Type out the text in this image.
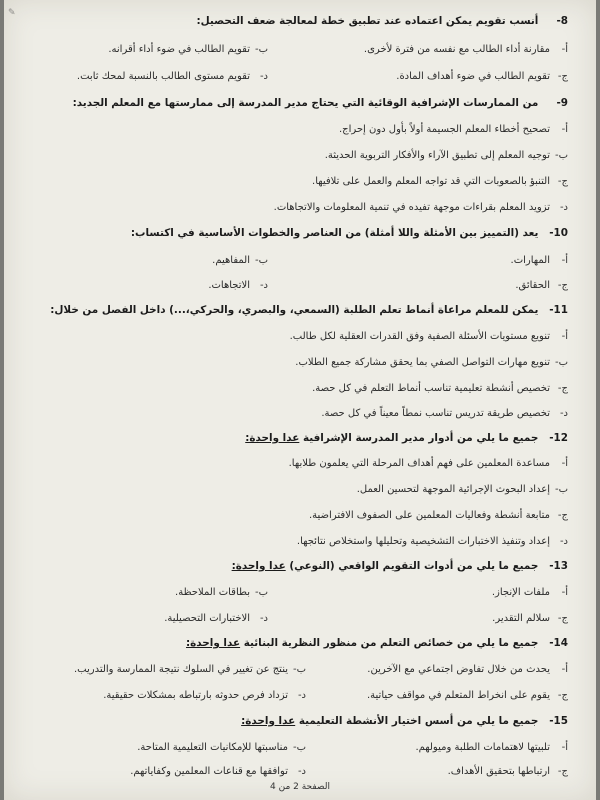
✎
8- أنسب تقويم يمكن اعتماده عند تطبيق خطة لمعالجة ضعف التحصيل:
أ-مقارنة أداء الطالب مع نفسه من فترة لأخرى.
ب-تقويم الطالب في ضوء أداء أقرانه.
ج-تقويم الطالب في ضوء أهداف المادة.
د-تقويم مستوى الطالب بالنسبة لمحك ثابت.
9- من الممارسات الإشرافية الوقائية التي يحتاج مدير المدرسة إلى ممارستها مع المعلم الجديد:
أ-تصحيح أخطاء المعلم الجسيمة أولاً بأول دون إحراج.
ب-توجيه المعلم إلى تطبيق الآراء والأفكار التربوية الحديثة.
ج-التنبؤ بالصعوبات التي قد تواجه المعلم والعمل على تلافيها.
د-تزويد المعلم بقراءات موجهة تفيده في تنمية المعلومات والاتجاهات.
10- يعد (التمييز بين الأمثلة واللا أمثلة) من العناصر والخطوات الأساسية في اكتساب:
أ-المهارات.
ب-المفاهيم.
ج-الحقائق.
د-الاتجاهات.
11- يمكن للمعلم مراعاة أنماط تعلم الطلبة (السمعي، والبصري، والحركي،...) داخل الفصل من خلال:
أ-تنويع مستويات الأسئلة الصفية وفق القدرات العقلية لكل طالب.
ب-تنويع مهارات التواصل الصفي بما يحقق مشاركة جميع الطلاب.
ج-تخصيص أنشطة تعليمية تناسب أنماط التعلم في كل حصة.
د-تخصيص طريقة تدريس تناسب نمطاً معيناً في كل حصة.
12- جميع ما يلي من أدوار مدير المدرسة الإشرافية عدا واحدة:
أ-مساعدة المعلمين على فهم أهداف المرحلة التي يعلمون طلابها.
ب-إعداد البحوث الإجرائية الموجهة لتحسين العمل.
ج-متابعة أنشطة وفعاليات المعلمين على الصفوف الافتراضية.
د-إعداد وتنفيذ الاختبارات التشخيصية وتحليلها واستخلاص نتائجها.
13- جميع ما يلي من أدوات التقويم الواقعي (النوعي) عدا واحدة:
أ-ملفات الإنجاز.
ب-بطاقات الملاحظة.
ج-سلالم التقدير.
د-الاختبارات التحصيلية.
14- جميع ما يلي من خصائص التعلم من منظور النظرية البنائية عدا واحدة:
أ-يحدث من خلال تفاوض اجتماعي مع الآخرين.
ب-ينتج عن تغيير في السلوك نتيجة الممارسة والتدريب.
ج-يقوم على انخراط المتعلم في مواقف حياتية.
د-تزداد فرص حدوثه بارتباطه بمشكلات حقيقية.
15- جميع ما يلي من أسس اختيار الأنشطة التعليمية عدا واحدة:
أ-تلبيتها لاهتمامات الطلبة وميولهم.
ب-مناسبتها للإمكانيات التعليمية المتاحة.
ج-ارتباطها بتحقيق الأهداف.
د-توافقها مع قناعات المعلمين وكفاياتهم.
الصفحة 2 من 4
